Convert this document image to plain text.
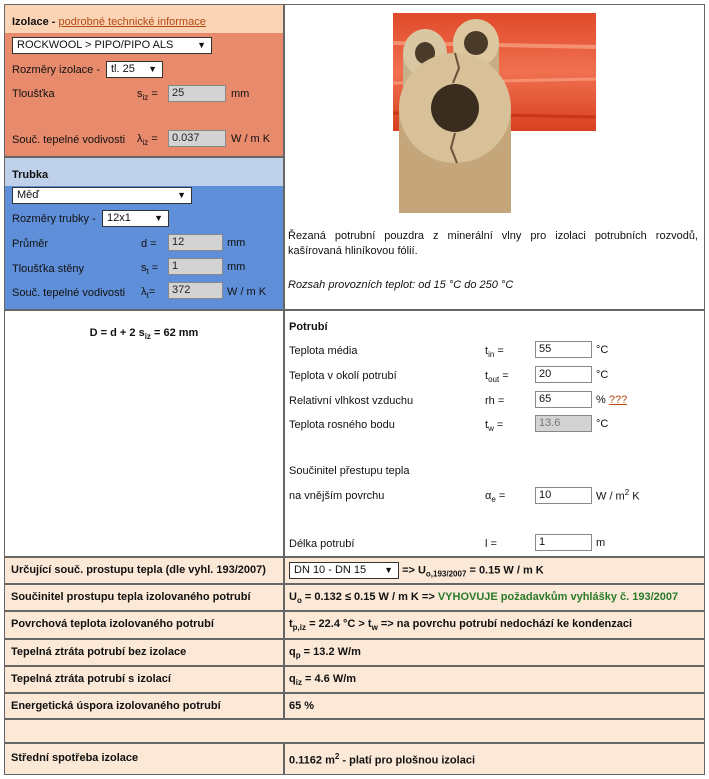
Izolace - podrobné technické informace
ROCKWOOL > PIPO/PIPO ALS	▼
Rozměry izolace - tl. 25 ▼
Tloušťka	$s_{iz}$ =	25	mm
Souč. tepelné vodivosti $\lambda_{iz}$ =	0.037	W / m K
Trubka
Měď	▼
Rozměry trubky -	12x1	▼
Průměr	d =	12	mm
Tloušťka stěny	$s_t$ =	1	mm
Souč. tepelné vodivosti $\lambda_t=$	372	W / m K
Řezaná potrubní pouzdra z minerální vlny pro izolaci potrubních rozvodů, kašírovaná hliníkovou fólií.
Rozsah provozních teplot: od 15 °C do 250 °C
D = d + 2 $s_{iz} = 62$ mm	Potrubí
Teplota média	$t_{in}$ =	55	°C
Teplota v okolí potrubí	$t_{out}$ =	20	°C
Relativní vlhkost vzduchu	rh =	65	% ???
Teplota rosného bodu	$t_w$ =	13.6	°C
Součinitel přestupu tepla
na vnějším povrchu	$\alpha_e$ =	10	W / $m^2$ K
Délka potrubí	l =	1	m
Určující souč. prostupu tepla (dle vyhl. 193/2007)	DN 10 - DN 15 ▼ => $U_{o,193/2007} = 0.15$ W / m K
Součinitel prostupu tepla izolovaného potrubí	$U_o = 0.132 \le 0.15$ W / m K => VYHOVUJE požadavkům vyhlášky č. 193/2007
Povrchová teplota izolovaného potrubí	$t_{p,iz} = 22.4$ $^\circ C > t_w$ => na povrchu potrubí nedochází ke kondenzaci
Tepelná ztráta potrubí bez izolace	$q_p = 13.2$ W/m
Tepelná ztráta potrubí s izolací	$q_{iz} = 4.6$ W/m
Energetická úspora izolovaného potrubí	65 %
Střední spotřeba izolace	0.1162 $m^2$ - platí pro plošnou izolaci
